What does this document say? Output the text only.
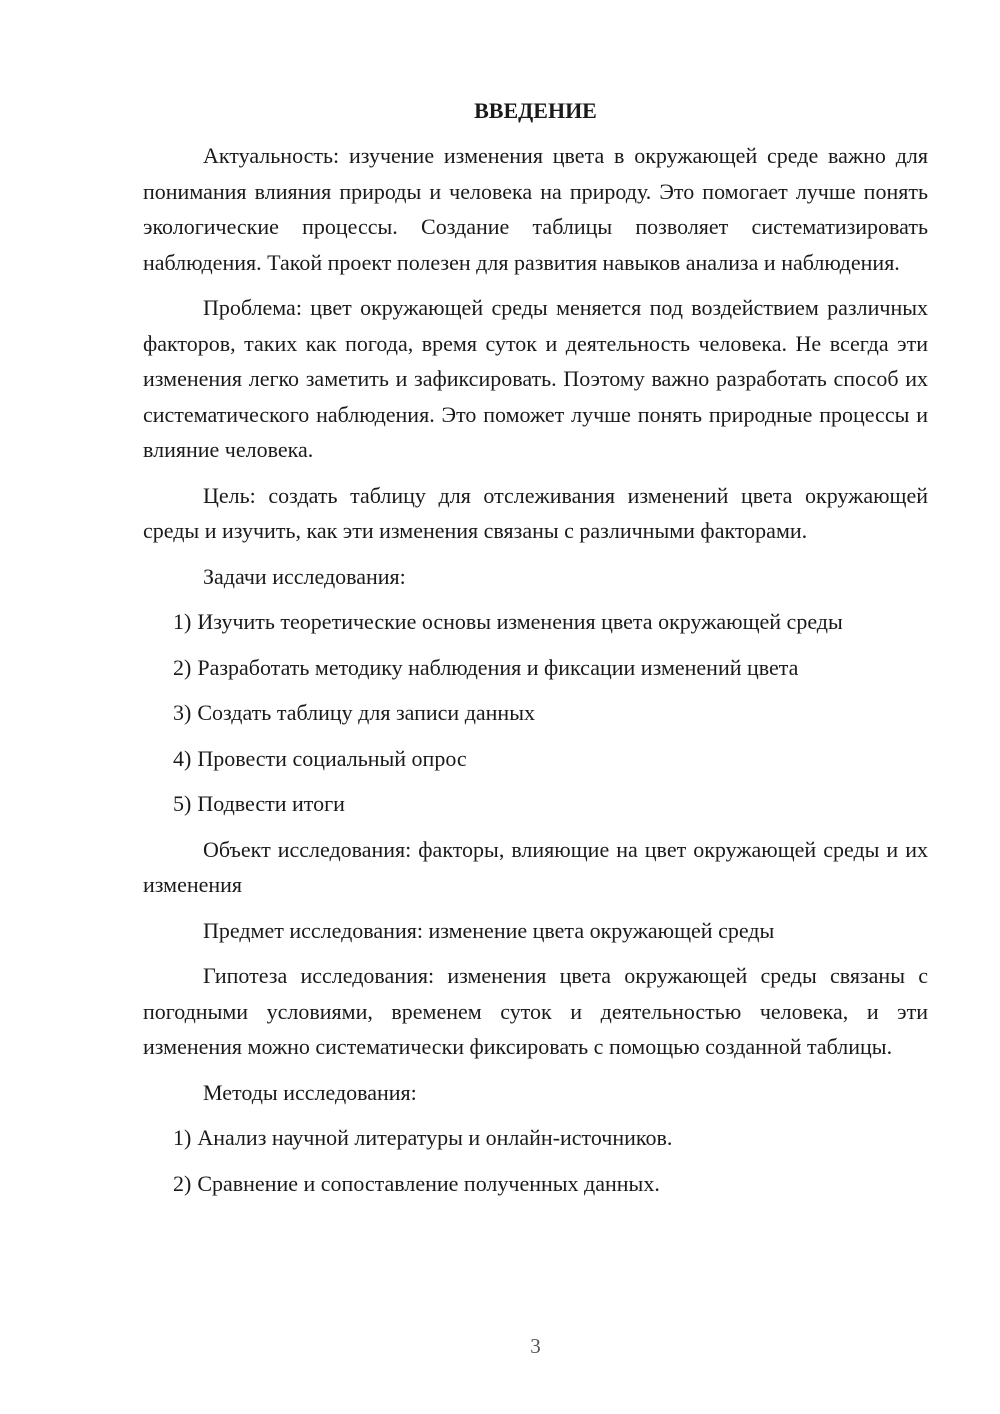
ВВЕДЕНИЕ

Актуальность: изучение изменения цвета в окружающей среде важно для понимания влияния природы и человека на природу. Это помогает лучше понять экологические процессы. Создание таблицы позволяет систематизировать наблюдения. Такой проект полезен для развития навыков анализа и наблюдения.

Проблема: цвет окружающей среды меняется под воздействием различных факторов, таких как погода, время суток и деятельность человека. Не всегда эти изменения легко заметить и зафиксировать. Поэтому важно разработать способ их систематического наблюдения. Это поможет лучше понять природные процессы и влияние человека.

Цель: создать таблицу для отслеживания изменений цвета окружающей среды и изучить, как эти изменения связаны с различными факторами.

Задачи исследования:

1) Изучить теоретические основы изменения цвета окружающей среды

2) Разработать методику наблюдения и фиксации изменений цвета

3) Создать таблицу для записи данных

4) Провести социальный опрос

5) Подвести итоги

Объект исследования: факторы, влияющие на цвет окружающей среды и их изменения

Предмет исследования: изменение цвета окружающей среды

Гипотеза исследования: изменения цвета окружающей среды связаны с погодными условиями, временем суток и деятельностью человека, и эти изменения можно систематически фиксировать с помощью созданной таблицы.

Методы исследования:

1) Анализ научной литературы и онлайн-источников.

2) Сравнение и сопоставление полученных данных.

3
